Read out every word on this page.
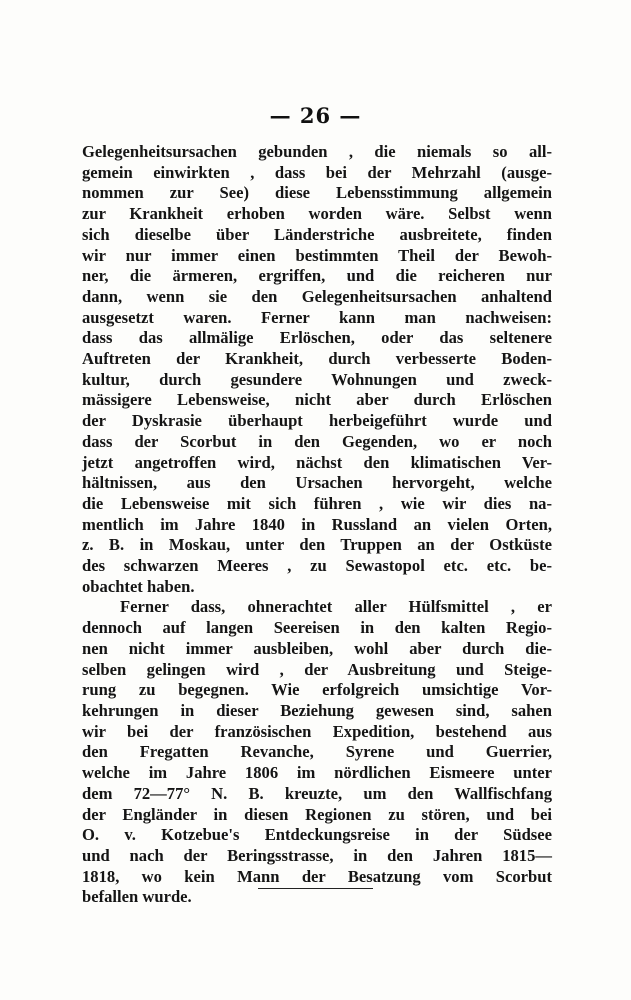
— 26 —
Gelegenheitsursachen gebunden , die niemals so all-
gemein einwirkten , dass bei der Mehrzahl (ausge-
nommen zur See) diese Lebensstimmung allgemein
zur Krankheit erhoben worden wäre. Selbst wenn
sich dieselbe über Länderstriche ausbreitete, finden
wir nur immer einen bestimmten Theil der Bewoh-
ner, die ärmeren, ergriffen, und die reicheren nur
dann, wenn sie den Gelegenheitsursachen anhaltend
ausgesetzt waren. Ferner kann man nachweisen:
dass das allmälige Erlöschen, oder das seltenere
Auftreten der Krankheit, durch verbesserte Boden-
kultur, durch gesundere Wohnungen und zweck-
mässigere Lebensweise, nicht aber durch Erlöschen
der Dyskrasie überhaupt herbeigeführt wurde und
dass der Scorbut in den Gegenden, wo er noch
jetzt angetroffen wird, nächst den klimatischen Ver-
hältnissen, aus den Ursachen hervorgeht, welche
die Lebensweise mit sich führen , wie wir dies na-
mentlich im Jahre 1840 in Russland an vielen Orten,
z. B. in Moskau, unter den Truppen an der Ostküste
des schwarzen Meeres , zu Sewastopol etc. etc. be-
obachtet haben.
Ferner dass, ohnerachtet aller Hülfsmittel , er
dennoch auf langen Seereisen in den kalten Regio-
nen nicht immer ausbleiben, wohl aber durch die-
selben gelingen wird , der Ausbreitung und Steige-
rung zu begegnen. Wie erfolgreich umsichtige Vor-
kehrungen in dieser Beziehung gewesen sind, sahen
wir bei der französischen Expedition, bestehend aus
den Fregatten Revanche, Syrene und Guerrier,
welche im Jahre 1806 im nördlichen Eismeere unter
dem 72—77° N. B. kreuzte, um den Wallfischfang
der Engländer in diesen Regionen zu stören, und bei
O. v. Kotzebue's Entdeckungsreise in der Südsee
und nach der Beringsstrasse, in den Jahren 1815—
1818, wo kein Mann der Besatzung vom Scorbut
befallen wurde.
